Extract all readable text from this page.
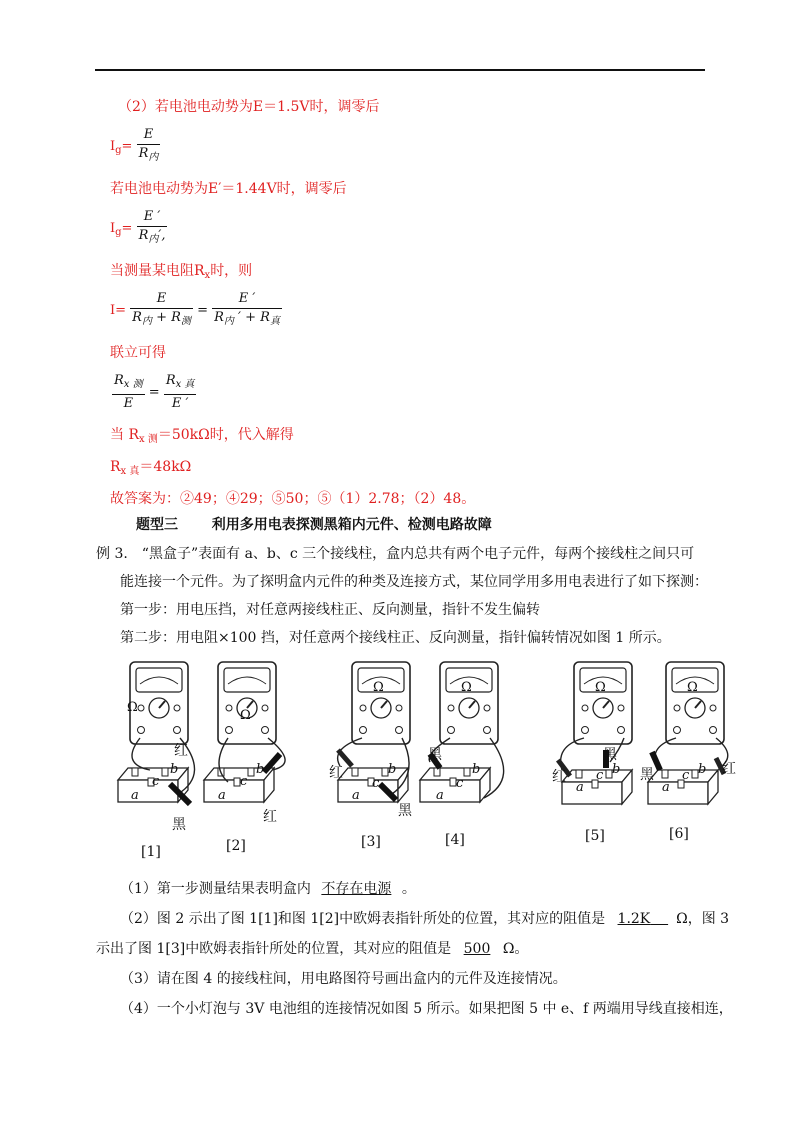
（2）若电池电动势为E＝1.5V时，调零后
$I_g= \frac{E}{R_内}$
若电池电动势为E′＝1.44V时，调零后
$I_g= \frac{E '}{R_内',}$
当测量某电阻$R_x$时，则
$I= \frac{E}{R_内 + R_测} = \frac{E '}{R_内 ' + R_真}$
联立可得
$\frac{R_{x 测}}{E} = \frac{R_{x 真}}{E '}$
当 $R_{x 测}=50k\Omega$时，代入解得
$R_{x 真}=48k\Omega$
故答案为：②49；④29；⑤50；⑤（1）2.78；（2）48。
题型三 利用多用电表探测黑箱内元件、检测电路故障
例 3.　“黑盒子”表面有 a、b、c 三个接线柱，盒内总共有两个电子元件，每两个接线柱之间只可
能连接一个元件。为了探明盒内元件的种类及连接方式，某位同学用多用电表进行了如下探测：
第一步：用电压挡，对任意两接线柱正、反向测量，指针不发生偏转
第二步：用电阻×100 挡，对任意两个接线柱正、反向测量，指针偏转情况如图 1 所示。
Ω
Ω
Ω	Ω	Ω	Ω
红
黑	红
红
黑
黑
红
黑
黑	红
a
c
b
a
c
b
a
c
b
a
c
b
a
c b
a
c b
[1]	[2]	[3]	[4]	[5]	[6]
（1）第一步测量结果表明盒内 不存在电源 。
（2）图 2 示出了图 1[1]和图 1[2]中欧姆表指针所处的位置，其对应的阻值是 1.2K Ω，图 3
示出了图 1[3]中欧姆表指针所处的位置，其对应的阻值是 500 Ω。
（3）请在图 4 的接线柱间，用电路图符号画出盒内的元件及连接情况。
（4）一个小灯泡与 3V 电池组的连接情况如图 5 所示。如果把图 5 中 e、f 两端用导线直接相连，
